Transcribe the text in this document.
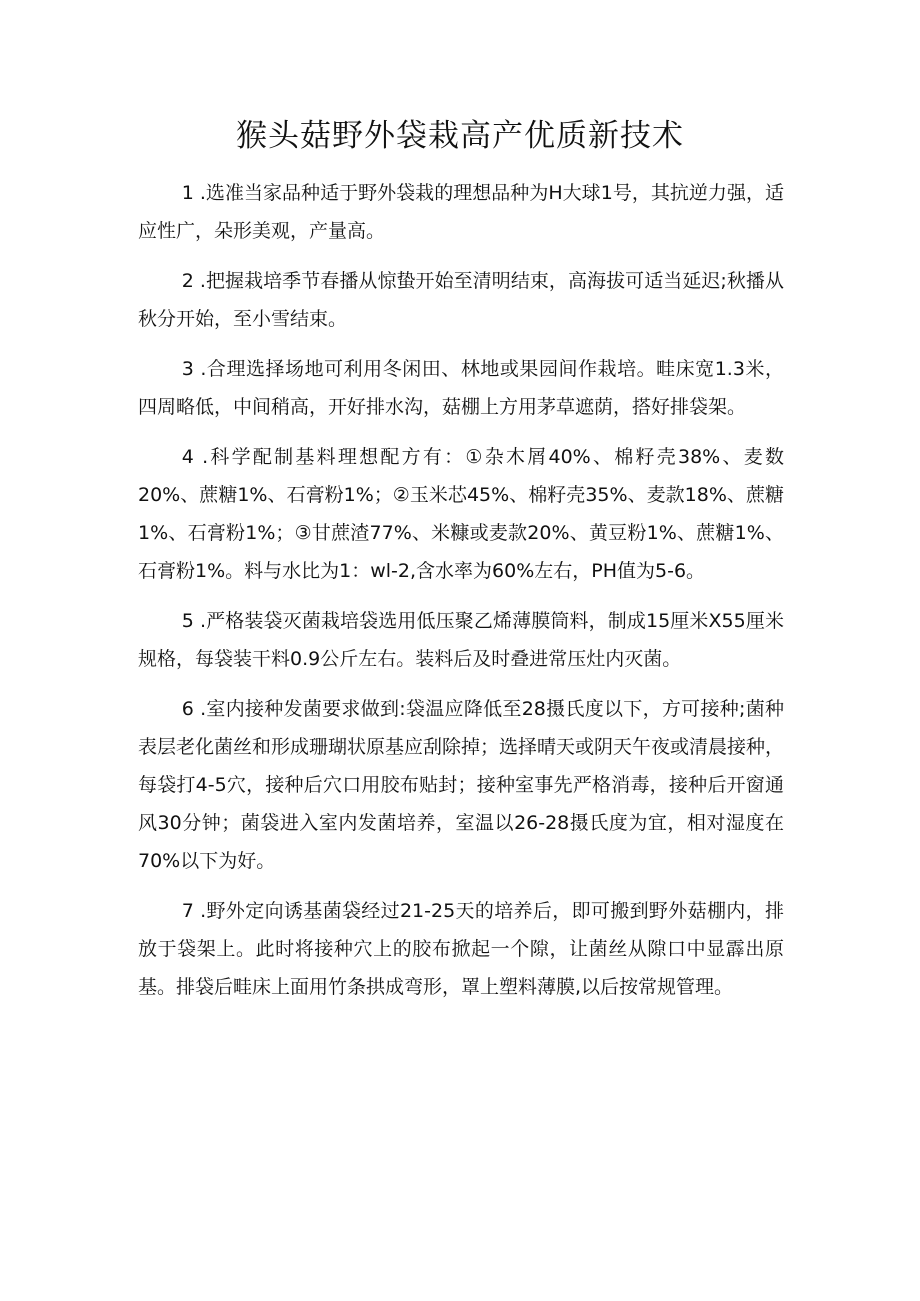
猴头菇野外袋栽高产优质新技术

1 .选准当家品种适于野外袋栽的理想品种为H大球1号，其抗逆力强，适应性广，朵形美观，产量高。

2 .把握栽培季节春播从惊蛰开始至清明结束，高海拔可适当延迟;秋播从秋分开始，至小雪结束。

3 .合理选择场地可利用冬闲田、林地或果园间作栽培。畦床宽1.3米，四周略低，中间稍高，开好排水沟，菇棚上方用茅草遮荫，搭好排袋架。

4 .科学配制基料理想配方有：①杂木屑40%、棉籽壳38%、麦数20%、蔗糖1%、石膏粉1%；②玉米芯45%、棉籽壳35%、麦款18%、蔗糖1%、石膏粉1%；③甘蔗渣77%、米糠或麦款20%、黄豆粉1%、蔗糖1%、石膏粉1%。料与水比为1：wl-2,含水率为60%左右，PH值为5-6。

5 .严格装袋灭菌栽培袋选用低压聚乙烯薄膜筒料，制成15厘米X55厘米规格，每袋装干料0.9公斤左右。装料后及时叠进常压灶内灭菌。

6 .室内接种发菌要求做到:袋温应降低至28摄氏度以下，方可接种;菌种表层老化菌丝和形成珊瑚状原基应刮除掉；选择晴天或阴天午夜或清晨接种，每袋打4-5穴，接种后穴口用胶布贴封；接种室事先严格消毒，接种后开窗通风30分钟；菌袋进入室内发菌培养，室温以26-28摄氏度为宜，相对湿度在70%以下为好。

7 .野外定向诱基菌袋经过21-25天的培养后，即可搬到野外菇棚内，排放于袋架上。此时将接种穴上的胶布掀起一个隙，让菌丝从隙口中显霹出原基。排袋后畦床上面用竹条拱成弯形，罩上塑料薄膜,以后按常规管理。
